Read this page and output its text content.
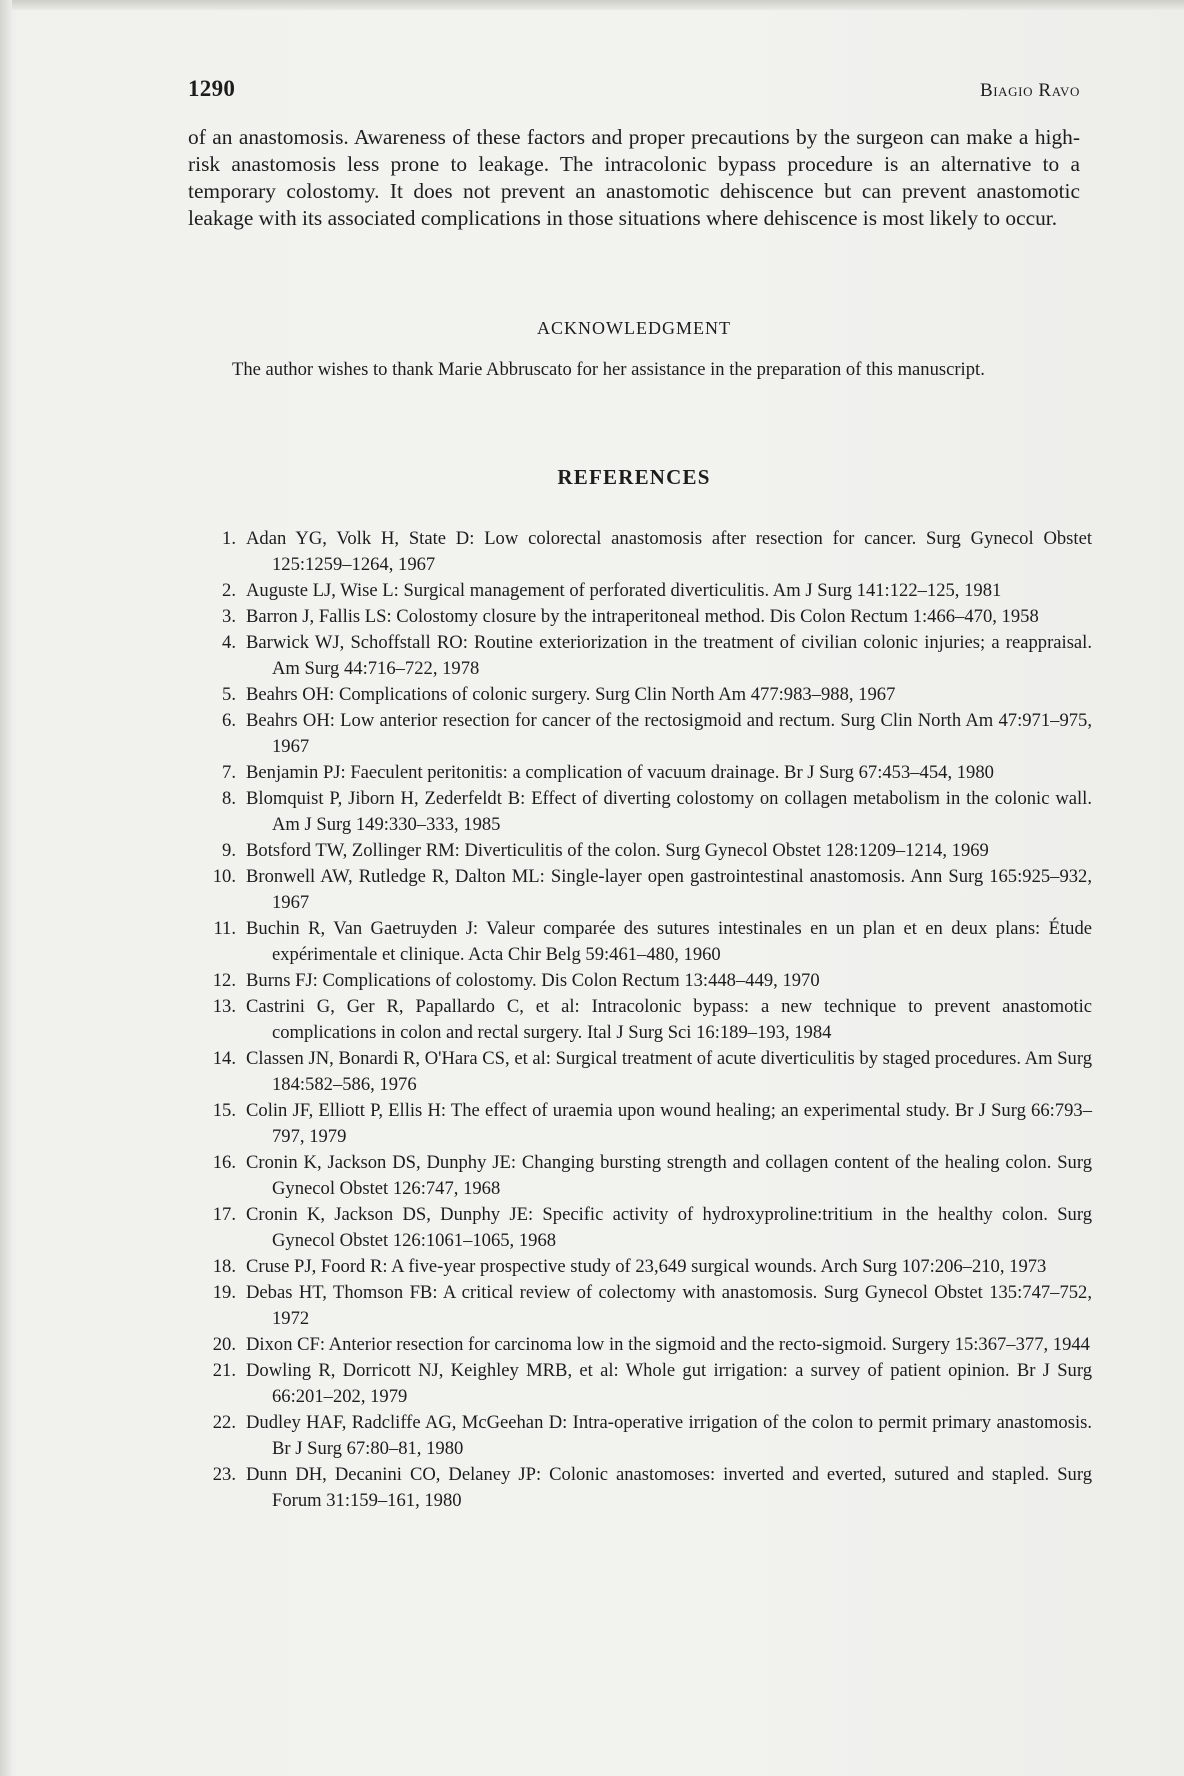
1290	Biagio Ravo

of an anastomosis. Awareness of these factors and proper precautions by the surgeon can make a high-risk anastomosis less prone to leakage. The intracolonic bypass procedure is an alternative to a temporary colostomy. It does not prevent an anastomotic dehiscence but can prevent anastomotic leakage with its associated complications in those situations where dehiscence is most likely to occur.

ACKNOWLEDGMENT

The author wishes to thank Marie Abbruscato for her assistance in the preparation of this manuscript.

REFERENCES
1. Adan YG, Volk H, State D: Low colorectal anastomosis after resection for cancer. Surg Gynecol Obstet 125:1259–1264, 1967
2. Auguste LJ, Wise L: Surgical management of perforated diverticulitis. Am J Surg 141:122–125, 1981
3. Barron J, Fallis LS: Colostomy closure by the intraperitoneal method. Dis Colon Rectum 1:466–470, 1958
4. Barwick WJ, Schoffstall RO: Routine exteriorization in the treatment of civilian colonic injuries; a reappraisal. Am Surg 44:716–722, 1978
5. Beahrs OH: Complications of colonic surgery. Surg Clin North Am 477:983–988, 1967
6. Beahrs OH: Low anterior resection for cancer of the rectosigmoid and rectum. Surg Clin North Am 47:971–975, 1967
7. Benjamin PJ: Faeculent peritonitis: a complication of vacuum drainage. Br J Surg 67:453–454, 1980
8. Blomquist P, Jiborn H, Zederfeldt B: Effect of diverting colostomy on collagen metabolism in the colonic wall. Am J Surg 149:330–333, 1985
9. Botsford TW, Zollinger RM: Diverticulitis of the colon. Surg Gynecol Obstet 128:1209–1214, 1969
10. Bronwell AW, Rutledge R, Dalton ML: Single-layer open gastrointestinal anastomosis. Ann Surg 165:925–932, 1967
11. Buchin R, Van Gaetruyden J: Valeur comparée des sutures intestinales en un plan et en deux plans: Étude expérimentale et clinique. Acta Chir Belg 59:461–480, 1960
12. Burns FJ: Complications of colostomy. Dis Colon Rectum 13:448–449, 1970
13. Castrini G, Ger R, Papallardo C, et al: Intracolonic bypass: a new technique to prevent anastomotic complications in colon and rectal surgery. Ital J Surg Sci 16:189–193, 1984
14. Classen JN, Bonardi R, O'Hara CS, et al: Surgical treatment of acute diverticulitis by staged procedures. Am Surg 184:582–586, 1976
15. Colin JF, Elliott P, Ellis H: The effect of uraemia upon wound healing; an experimental study. Br J Surg 66:793–797, 1979
16. Cronin K, Jackson DS, Dunphy JE: Changing bursting strength and collagen content of the healing colon. Surg Gynecol Obstet 126:747, 1968
17. Cronin K, Jackson DS, Dunphy JE: Specific activity of hydroxyproline:tritium in the healthy colon. Surg Gynecol Obstet 126:1061–1065, 1968
18. Cruse PJ, Foord R: A five-year prospective study of 23,649 surgical wounds. Arch Surg 107:206–210, 1973
19. Debas HT, Thomson FB: A critical review of colectomy with anastomosis. Surg Gynecol Obstet 135:747–752, 1972
20. Dixon CF: Anterior resection for carcinoma low in the sigmoid and the recto-sigmoid. Surgery 15:367–377, 1944
21. Dowling R, Dorricott NJ, Keighley MRB, et al: Whole gut irrigation: a survey of patient opinion. Br J Surg 66:201–202, 1979
22. Dudley HAF, Radcliffe AG, McGeehan D: Intra-operative irrigation of the colon to permit primary anastomosis. Br J Surg 67:80–81, 1980
23. Dunn DH, Decanini CO, Delaney JP: Colonic anastomoses: inverted and everted, sutured and stapled. Surg Forum 31:159–161, 1980
